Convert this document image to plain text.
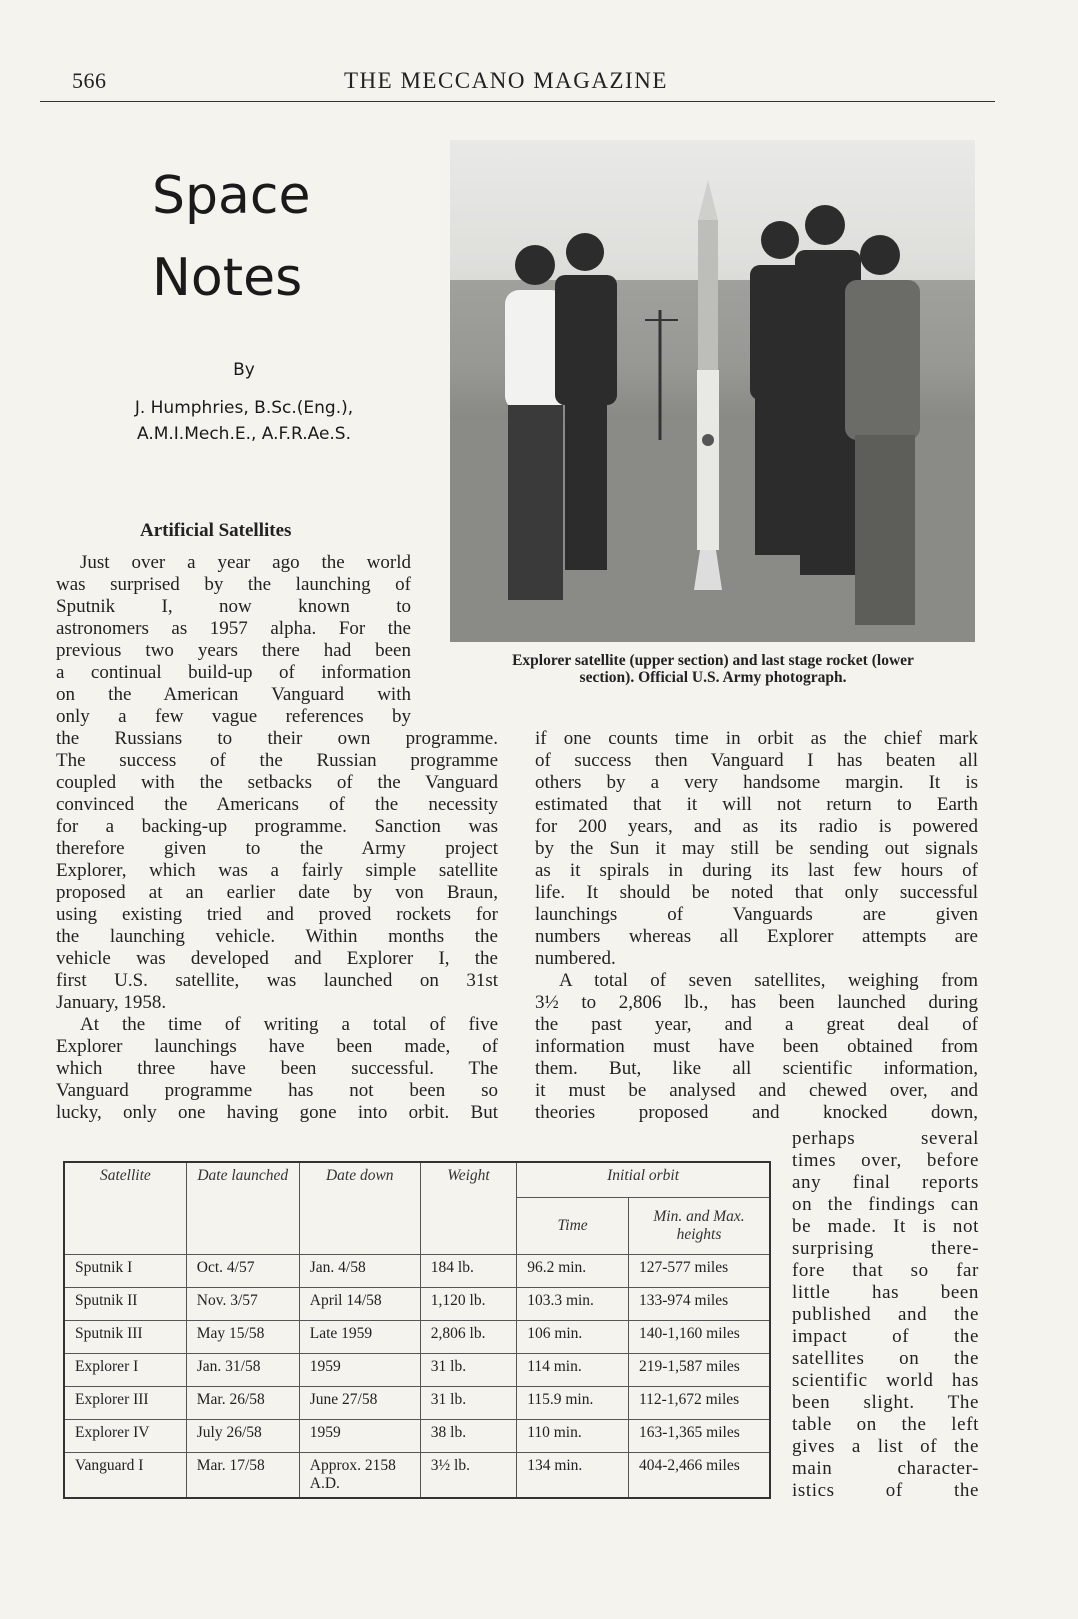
566	THE MECCANO MAGAZINE
Space
Notes
By
J. Humphries, B.Sc.(Eng.),
A.M.I.Mech.E., A.F.R.Ae.S.
Explorer satellite (upper section) and last stage rocket (lower
section). Official U.S. Army photograph.
Artificial Satellites
Just over a year ago the world
was surprised by the launching of
Sputnik I, now known to
astronomers as 1957 alpha. For the
previous two years there had been
a continual build-up of information
on the American Vanguard with
only a few vague references by
the Russians to their own programme.
The success of the Russian programme
coupled with the setbacks of the Vanguard
convinced the Americans of the necessity
for a backing-up programme. Sanction was
therefore given to the Army project
Explorer, which was a fairly simple satellite
proposed at an earlier date by von Braun,
using existing tried and proved rockets for
the launching vehicle. Within months the
vehicle was developed and Explorer I, the
first U.S. satellite, was launched on 31st
January, 1958.
At the time of writing a total of five
Explorer launchings have been made, of
which three have been successful. The
Vanguard programme has not been so
lucky, only one having gone into orbit. But
if one counts time in orbit as the chief mark
of success then Vanguard I has beaten all
others by a very handsome margin. It is
estimated that it will not return to Earth
for 200 years, and as its radio is powered
by the Sun it may still be sending out signals
as it spirals in during its last few hours of
life. It should be noted that only successful
launchings of Vanguards are given
numbers whereas all Explorer attempts are
numbered.
A total of seven satellites, weighing from
3½ to 2,806 lb., has been launched during
the past year, and a great deal of
information must have been obtained from
them. But, like all scientific information,
it must be analysed and chewed over, and
theories proposed and knocked down,
perhaps several
times over, before
any final reports
on the findings can
be made. It is not
surprising there-
fore that so far
little has been
published and the
impact of the
satellites on the
scientific world has
been slight. The
table on the left
gives a list of the
main character-
istics of the
Satellite	Date launched	Date down	Weight	Initial orbit	
				Time	Min. and Max. heights
Sputnik I	Oct. 4/57	Jan. 4/58	184 lb.	96.2 min.	127-577 miles
Sputnik II	Nov. 3/57	April 14/58	1,120 lb.	103.3 min.	133-974 miles
Sputnik III	May 15/58	Late 1959	2,806 lb.	106 min.	140-1,160 miles
Explorer I	Jan. 31/58	1959	31 lb.	114 min.	219-1,587 miles
Explorer III	Mar. 26/58	June 27/58	31 lb.	115.9 min.	112-1,672 miles
Explorer IV	July 26/58	1959	38 lb.	110 min.	163-1,365 miles
Vanguard I	Mar. 17/58	Approx. 2158 A.D.	3½ lb.	134 min.	404-2,466 miles
